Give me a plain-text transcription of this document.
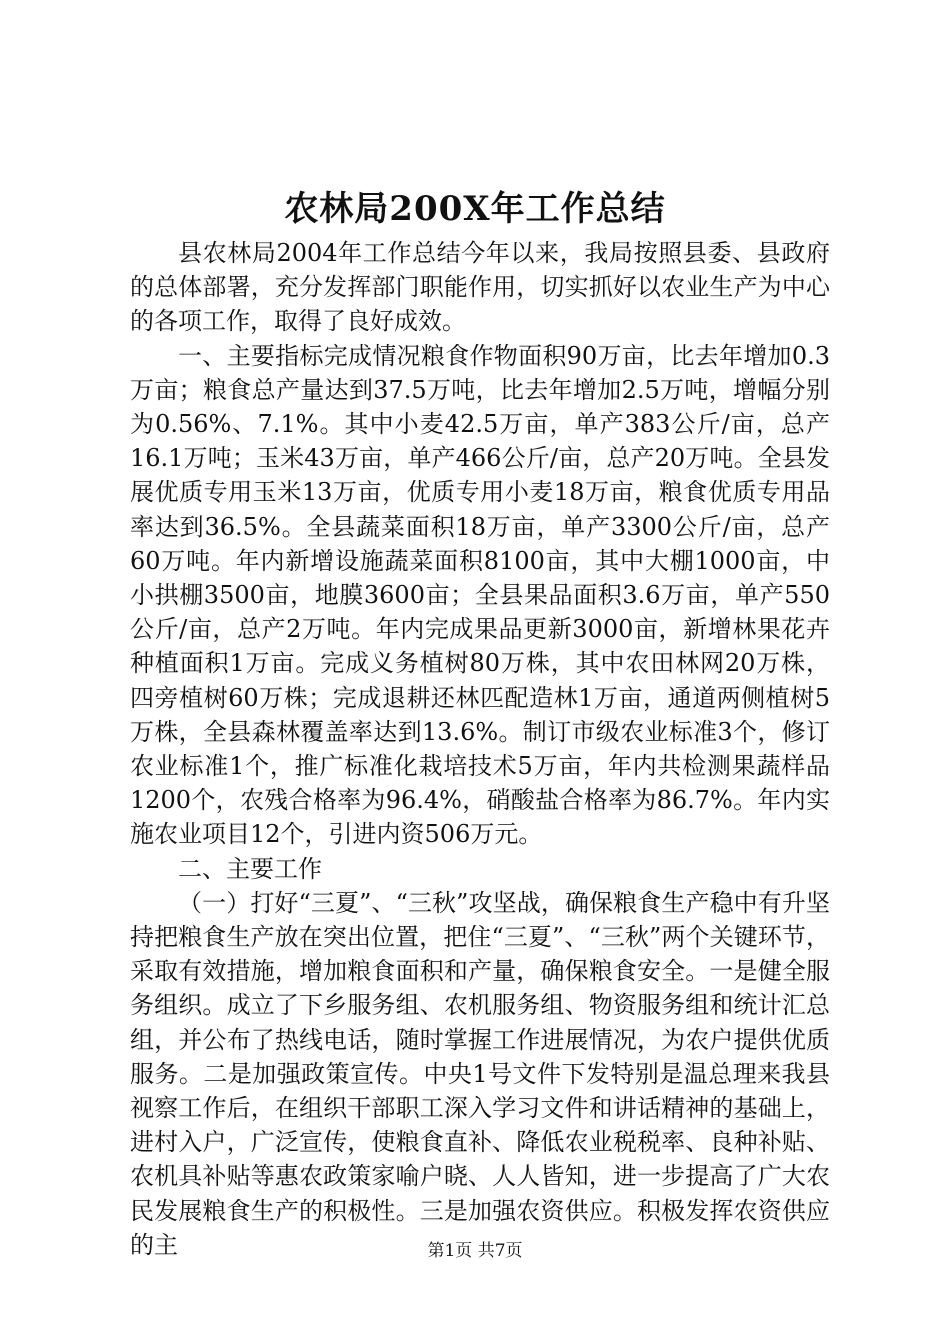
农林局200X年工作总结

县农林局2004年工作总结今年以来，我局按照县委、县政府的总体部署，充分发挥部门职能作用，切实抓好以农业生产为中心的各项工作，取得了良好成效。

一、主要指标完成情况粮食作物面积90万亩，比去年增加0.3万亩；粮食总产量达到37.5万吨，比去年增加2.5万吨，增幅分别为0.56%、7.1%。其中小麦42.5万亩，单产383公斤/亩，总产16.1万吨；玉米43万亩，单产466公斤/亩，总产20万吨。全县发展优质专用玉米13万亩，优质专用小麦18万亩，粮食优质专用品率达到36.5%。全县蔬菜面积18万亩，单产3300公斤/亩，总产60万吨。年内新增设施蔬菜面积8100亩，其中大棚1000亩，中小拱棚3500亩，地膜3600亩；全县果品面积3.6万亩，单产550公斤/亩，总产2万吨。年内完成果品更新3000亩，新增林果花卉种植面积1万亩。完成义务植树80万株，其中农田林网20万株，四旁植树60万株；完成退耕还林匹配造林1万亩，通道两侧植树5万株，全县森林覆盖率达到13.6%。制订市级农业标准3个，修订农业标准1个，推广标准化栽培技术5万亩，年内共检测果蔬样品1200个，农残合格率为96.4%，硝酸盐合格率为86.7%。年内实施农业项目12个，引进内资506万元。

二、主要工作

（一）打好“三夏”、“三秋”攻坚战，确保粮食生产稳中有升坚持把粮食生产放在突出位置，把住“三夏”、“三秋”两个关键环节，采取有效措施，增加粮食面积和产量，确保粮食安全。一是健全服务组织。成立了下乡服务组、农机服务组、物资服务组和统计汇总组，并公布了热线电话，随时掌握工作进展情况，为农户提供优质服务。二是加强政策宣传。中央1号文件下发特别是温总理来我县视察工作后，在组织干部职工深入学习文件和讲话精神的基础上，进村入户，广泛宣传，使粮食直补、降低农业税税率、良种补贴、农机具补贴等惠农政策家喻户晓、人人皆知，进一步提高了广大农民发展粮食生产的积极性。三是加强农资供应。积极发挥农资供应的主	第1页 共7页
